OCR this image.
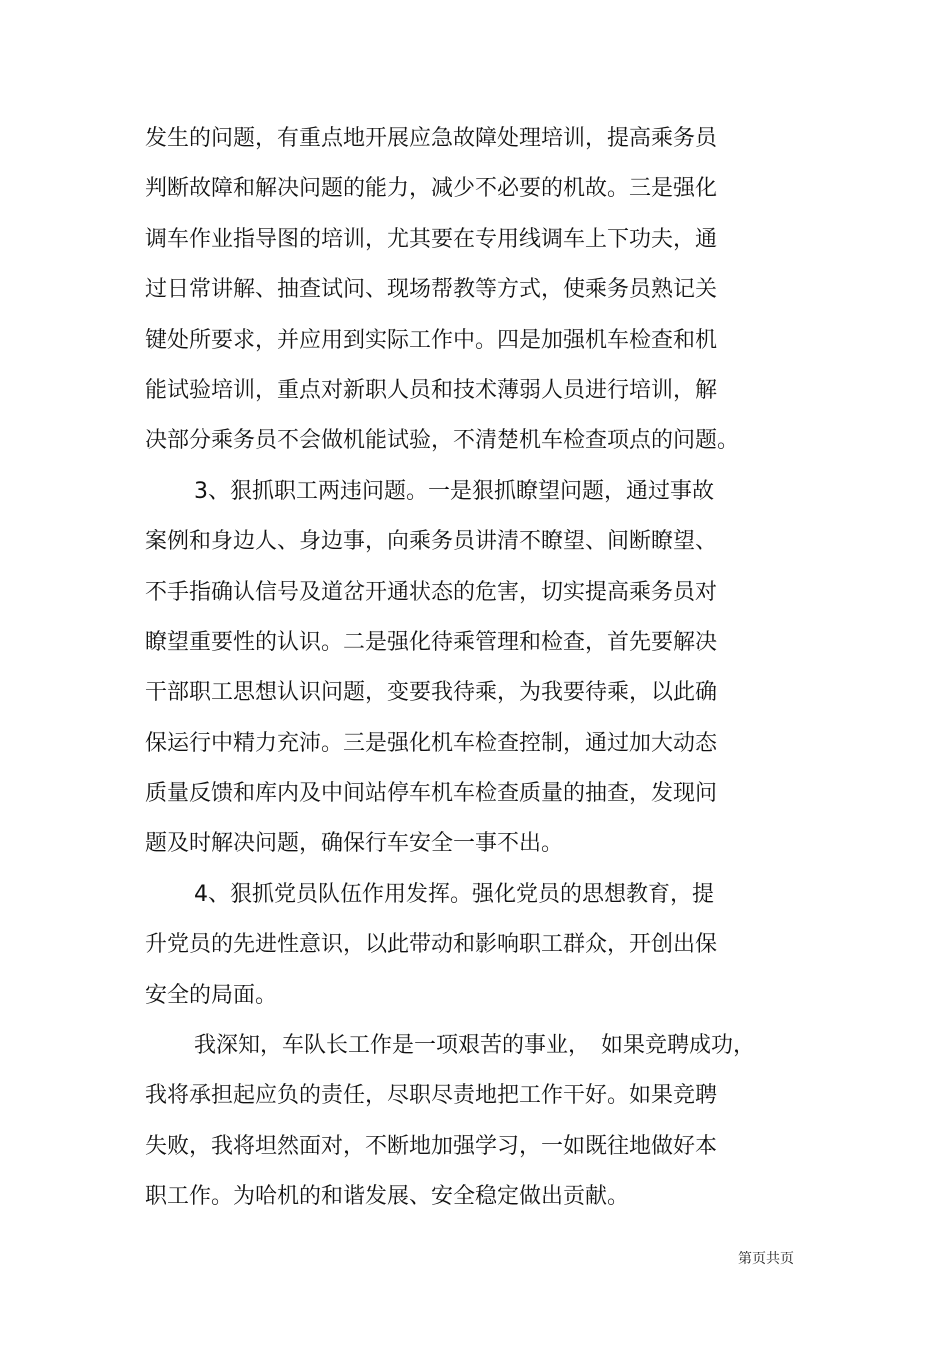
发生的问题，有重点地开展应急故障处理培训，提高乘务员
判断故障和解决问题的能力，减少不必要的机故。三是强化
调车作业指导图的培训，尤其要在专用线调车上下功夫，通
过日常讲解、抽查试问、现场帮教等方式，使乘务员熟记关
键处所要求，并应用到实际工作中。四是加强机车检查和机
能试验培训，重点对新职人员和技术薄弱人员进行培训，解
决部分乘务员不会做机能试验，不清楚机车检查项点的问题。
3、狠抓职工两违问题。一是狠抓瞭望问题，通过事故
案例和身边人、身边事，向乘务员讲清不瞭望、间断瞭望、
不手指确认信号及道岔开通状态的危害，切实提高乘务员对
瞭望重要性的认识。二是强化待乘管理和检查，首先要解决
干部职工思想认识问题，变要我待乘，为我要待乘，以此确
保运行中精力充沛。三是强化机车检查控制，通过加大动态
质量反馈和库内及中间站停车机车检查质量的抽查，发现问
题及时解决问题，确保行车安全一事不出。
4、狠抓党员队伍作用发挥。强化党员的思想教育，提
升党员的先进性意识，以此带动和影响职工群众，开创出保
安全的局面。
我深知，车队长工作是一项艰苦的事业，　如果竞聘成功，
我将承担起应负的责任，尽职尽责地把工作干好。如果竞聘
失败，我将坦然面对，不断地加强学习，一如既往地做好本
职工作。为哈机的和谐发展、安全稳定做出贡献。
第页共页
